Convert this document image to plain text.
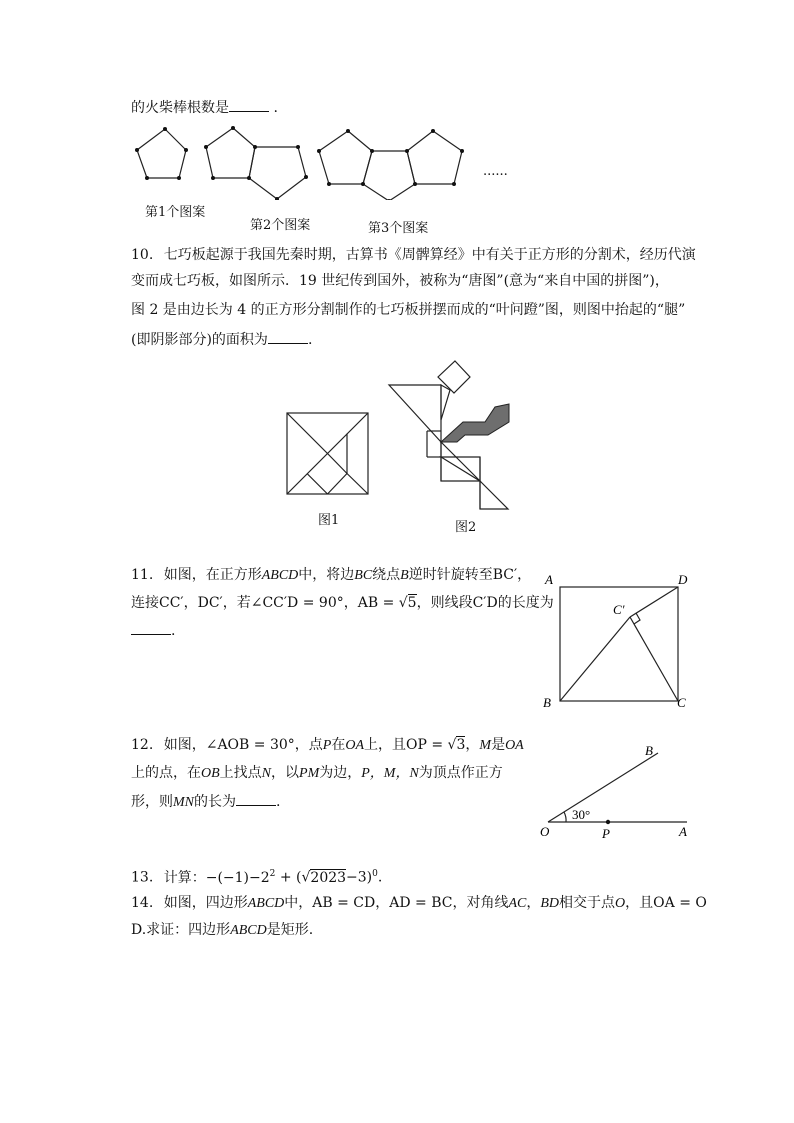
的火柴棒根数是	.
......
第1个图案
第2个图案	第3个图案
10. 七巧板起源于我国先秦时期，古算书《周髀算经》中有关于正方形的分割术，经历代演
变而成七巧板，如图所示．19 世纪传到国外，被称为“唐图”(意为“来自中国的拼图”)，
图 2 是由边长为 4 的正方形分割制作的七巧板拼摆而成的“叶问蹬”图，则图中抬起的“腿”
(即阴影部分)的面积为	.
图1	图2
11. 如图，在正方形ABCD中，将边BC绕点B逆时针旋转至BC′，
连接CC′，DC′，若∠CC′D = 90°，AB = √5，则线段C′D的长度为
.
A	D
B	C
C′
12. 如图，∠AOB = 30°，点P在OA上，且OP = √3，M是OA
上的点，在OB上找点N，以PM为边，P，M，N为顶点作正方
形，则MN的长为	.
30°
O	P	A
B
13. 计算：$-(-1)-2^2 + (√2023-3)^0$.
14. 如图，四边形ABCD中，AB = CD，AD = BC，对角线AC，BD相交于点O，且OA = O
D.求证：四边形ABCD是矩形.
